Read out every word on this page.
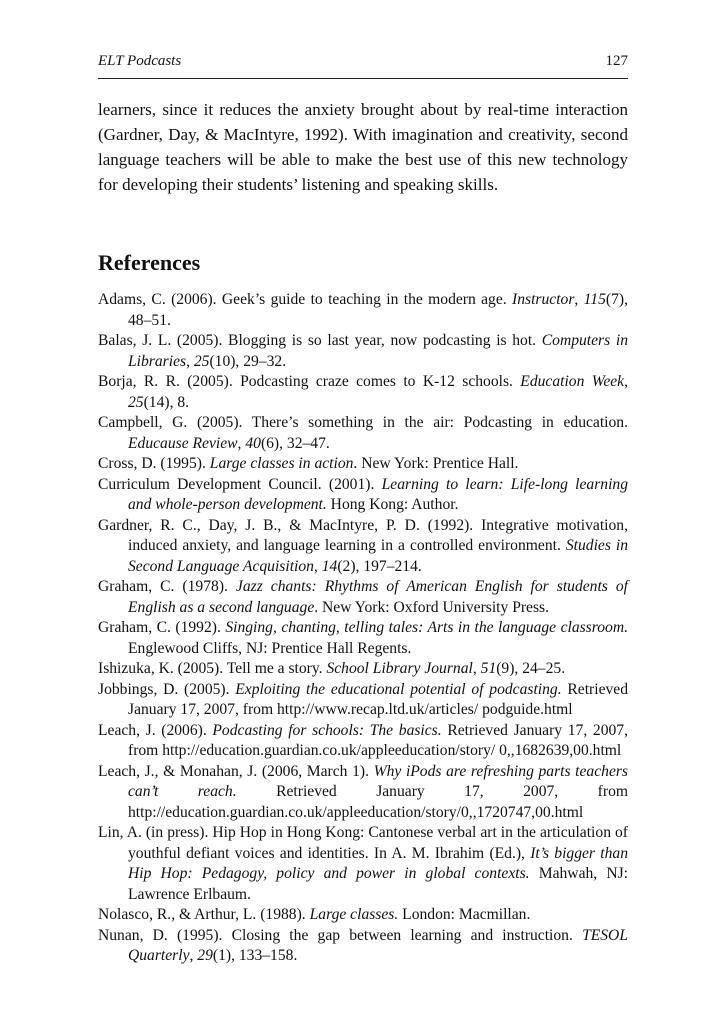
ELT Podcasts	127

learners, since it reduces the anxiety brought about by real-time interaction (Gardner, Day, & MacIntyre, 1992). With imagination and creativity, second language teachers will be able to make the best use of this new technology for developing their students’ listening and speaking skills.

References
Adams, C. (2006). Geek’s guide to teaching in the modern age. Instructor, 115(7), 48–51.
Balas, J. L. (2005). Blogging is so last year, now podcasting is hot. Computers in Libraries, 25(10), 29–32.
Borja, R. R. (2005). Podcasting craze comes to K-12 schools. Education Week, 25(14), 8.
Campbell, G. (2005). There’s something in the air: Podcasting in education. Educause Review, 40(6), 32–47.
Cross, D. (1995). Large classes in action. New York: Prentice Hall.
Curriculum Development Council. (2001). Learning to learn: Life-long learning and whole-person development. Hong Kong: Author.
Gardner, R. C., Day, J. B., & MacIntyre, P. D. (1992). Integrative motivation, induced anxiety, and language learning in a controlled environment. Studies in Second Language Acquisition, 14(2), 197–214.
Graham, C. (1978). Jazz chants: Rhythms of American English for students of English as a second language. New York: Oxford University Press.
Graham, C. (1992). Singing, chanting, telling tales: Arts in the language classroom. Englewood Cliffs, NJ: Prentice Hall Regents.
Ishizuka, K. (2005). Tell me a story. School Library Journal, 51(9), 24–25.
Jobbings, D. (2005). Exploiting the educational potential of podcasting. Retrieved January 17, 2007, from http://www.recap.ltd.uk/articles/ podguide.html
Leach, J. (2006). Podcasting for schools: The basics. Retrieved January 17, 2007, from http://education.guardian.co.uk/appleeducation/story/ 0,,1682639,00.html
Leach, J., & Monahan, J. (2006, March 1). Why iPods are refreshing parts teachers can’t reach. Retrieved January 17, 2007, from http://education.guardian.co.uk/appleeducation/story/0,,1720747,00.html
Lin, A. (in press). Hip Hop in Hong Kong: Cantonese verbal art in the articulation of youthful defiant voices and identities. In A. M. Ibrahim (Ed.), It’s bigger than Hip Hop: Pedagogy, policy and power in global contexts. Mahwah, NJ: Lawrence Erlbaum.
Nolasco, R., & Arthur, L. (1988). Large classes. London: Macmillan.
Nunan, D. (1995). Closing the gap between learning and instruction. TESOL Quarterly, 29(1), 133–158.
